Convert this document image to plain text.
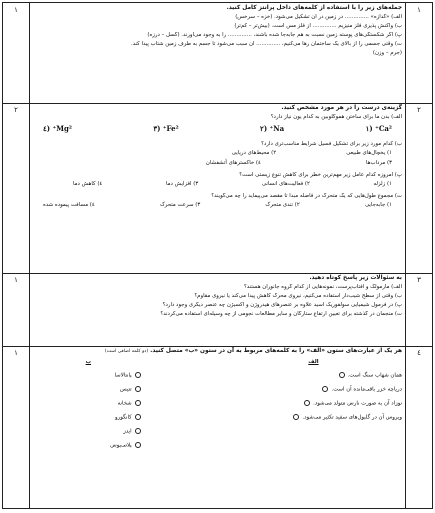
١
١	جمله‌های زیر را با استفاده از کلمه‌های داخل پرانتز کامل کنید.
الف) «گدازه» .............. در زمین در آن تشکیل می‌شود. (خزه – سرخس)
ب) واکنش پذیری فلز منیزیم .............. از فلز مس است. (بیش‌تر – کم‌تر)
پ) اگر شکستگی‌های پوسته زمین نسبت به هم جابه‌جا شده باشند، .............. را به وجود می‌آورند. (گسل – درزه)
ت) وقتی جسمی را از بالای یک ساختمان رها می‌کنیم، .............. آن سبب می‌شود تا جسم به طرف زمین شتاب پیدا کند.
(جرم – وزن)
٢
٢	گزینه‌ی درست را در هر مورد مشخص کنید.
الف) بدن ما برای ساختن هموگلوبین به کدام یون نیاز دارد؟
Ca²⁺ (١
Na⁺ (٢
Fe²⁺ (٣
Mg²⁺ (٤
ب) کدام مورد زیر برای تشکیل فسیل شرایط مناسب‌تری دارد؟
١) یخچال‌های طبیعی
٢) محیط‌های دریایی
٣) مرداب‌ها
٤) خاکسترهای آتشفشان
پ) امروزه کدام عامل زیر مهم‌ترین خطر برای کاهش تنوع زیستی است؟
١) زلزله
٢) فعالیت‌های انسانی
٣) افزایش دما
٤) کاهش دما
ت) مجموع طول‌هایی که یک متحرک در فاصله مبدأ تا مقصد می‌پیماید را چه می‌گویند؟
١) جابه‌جایی
٢) تندی متحرک
٣) سرعت متحرک
٤) مسافت پیموده شده
٣
١	به سئوالات زیر پاسخ کوتاه دهید.
الف) مارمولک و آفتاب‌پرست، نمونه‌هایی از کدام گروه جانوران هستند؟
ب) وقتی از سطح شیب‌دار استفاده می‌کنیم، نیروی محرک کاهش پیدا می‌کند یا نیروی مقاوم؟
پ) در فرمول شیمیایی سولفوریک اسید علاوه بر عنصرهای هیدروژن و اکسیژن چه عنصر دیگری وجود دارد؟
ت) منجمان در گذشته برای تعیین ارتفاع ستارگان و سایر مطالعات نجومی از چه وسیله‌ای استفاده می‌کردند؟
٤
١	هر یک از عبارت‌های ستون «الف» را به کلمه‌های مربوط به آن در ستون «ب» متصل کنید. (دو کلمه اضافی است)
الف
همان شهاب سنگ است.
دریاچه خزر باقی‌مانده آن است.
نوزاد آن به صورت نارس متولد می‌شود.
ویروس آن در گلبول‌های سفید تکثیر می‌شود.
ب
پانتالاسا
تتیس
شخانه
کانگورو
ایدز
پلاتی‌پوس
